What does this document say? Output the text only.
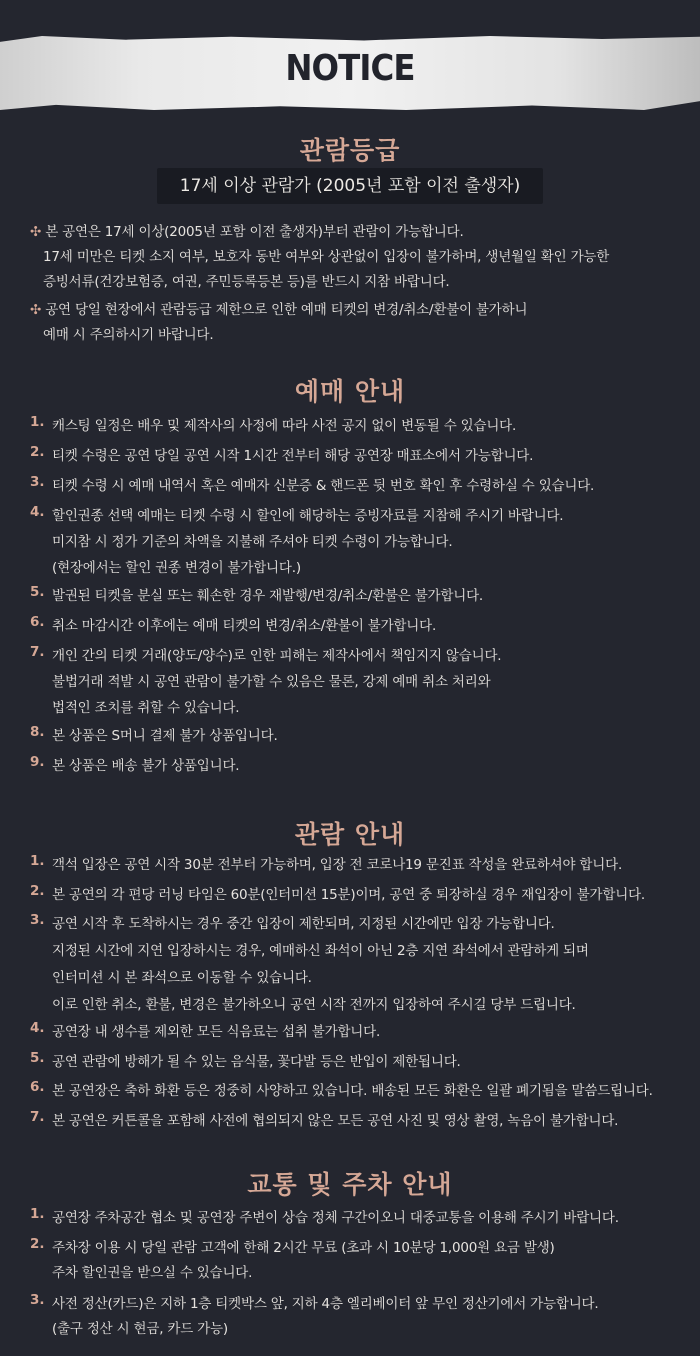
NOTICE
관람등급
17세 이상 관람가 (2005년 포함 이전 출생자)
✣ 본 공연은 17세 이상(2005년 포함 이전 출생자)부터 관람이 가능합니다.
17세 미만은 티켓 소지 여부, 보호자 동반 여부와 상관없이 입장이 불가하며, 생년월일 확인 가능한
증빙서류(건강보험증, 여권, 주민등록등본 등)를 반드시 지참 바랍니다.
✣ 공연 당일 현장에서 관람등급 제한으로 인한 예매 티켓의 변경/취소/환불이 불가하니
예매 시 주의하시기 바랍니다.
예매 안내
1. 캐스팅 일정은 배우 및 제작사의 사정에 따라 사전 공지 없이 변동될 수 있습니다.
2. 티켓 수령은 공연 당일 공연 시작 1시간 전부터 해당 공연장 매표소에서 가능합니다.
3. 티켓 수령 시 예매 내역서 혹은 예매자 신분증 & 핸드폰 뒷 번호 확인 후 수령하실 수 있습니다.
4. 할인권종 선택 예매는 티켓 수령 시 할인에 해당하는 증빙자료를 지참해 주시기 바랍니다.
미지참 시 정가 기준의 차액을 지불해 주셔야 티켓 수령이 가능합니다.
(현장에서는 할인 권종 변경이 불가합니다.)
5. 발권된 티켓을 분실 또는 훼손한 경우 재발행/변경/취소/환불은 불가합니다.
6. 취소 마감시간 이후에는 예매 티켓의 변경/취소/환불이 불가합니다.
7. 개인 간의 티켓 거래(양도/양수)로 인한 피해는 제작사에서 책임지지 않습니다.
불법거래 적발 시 공연 관람이 불가할 수 있음은 물론, 강제 예매 취소 처리와
법적인 조치를 취할 수 있습니다.
8. 본 상품은 S머니 결제 불가 상품입니다.
9. 본 상품은 배송 불가 상품입니다.
관람 안내
1. 객석 입장은 공연 시작 30분 전부터 가능하며, 입장 전 코로나19 문진표 작성을 완료하셔야 합니다.
2. 본 공연의 각 편당 러닝 타임은 60분(인터미션 15분)이며, 공연 중 퇴장하실 경우 재입장이 불가합니다.
3. 공연 시작 후 도착하시는 경우 중간 입장이 제한되며, 지정된 시간에만 입장 가능합니다.
지정된 시간에 지연 입장하시는 경우, 예매하신 좌석이 아닌 2층 지연 좌석에서 관람하게 되며
인터미션 시 본 좌석으로 이동할 수 있습니다.
이로 인한 취소, 환불, 변경은 불가하오니 공연 시작 전까지 입장하여 주시길 당부 드립니다.
4. 공연장 내 생수를 제외한 모든 식음료는 섭취 불가합니다.
5. 공연 관람에 방해가 될 수 있는 음식물, 꽃다발 등은 반입이 제한됩니다.
6. 본 공연장은 축하 화환 등은 정중히 사양하고 있습니다. 배송된 모든 화환은 일괄 폐기됨을 말씀드립니다.
7. 본 공연은 커튼콜을 포함해 사전에 협의되지 않은 모든 공연 사진 및 영상 촬영, 녹음이 불가합니다.
교통 및 주차 안내
1. 공연장 주차공간 협소 및 공연장 주변이 상습 정체 구간이오니 대중교통을 이용해 주시기 바랍니다.
2. 주차장 이용 시 당일 관람 고객에 한해 2시간 무료 (초과 시 10분당 1,000원 요금 발생)
주차 할인권을 받으실 수 있습니다.
3. 사전 정산(카드)은 지하 1층 티켓박스 앞, 지하 4층 엘리베이터 앞 무인 정산기에서 가능합니다.
(출구 정산 시 현금, 카드 가능)
